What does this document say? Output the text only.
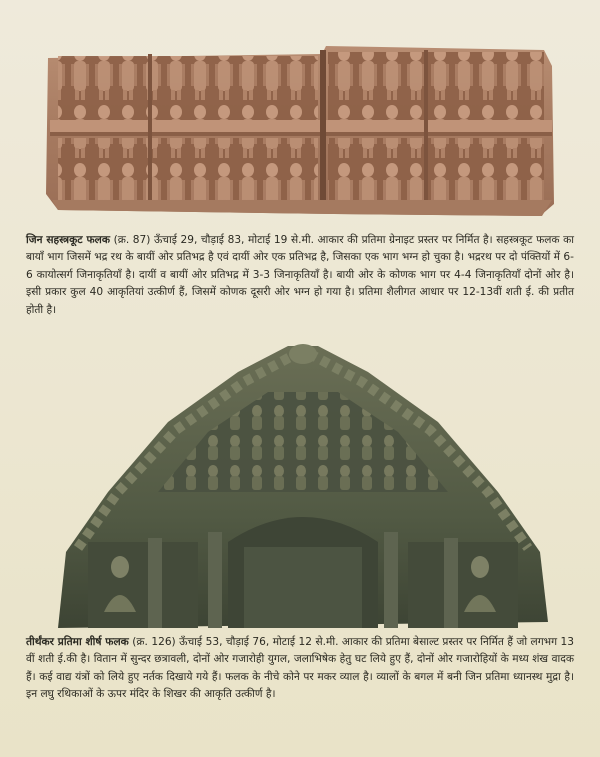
जिन सहस्त्रकूट फलक (क्र. 87) ऊँचाई 29, चौड़ाई 83, मोटाई 19 से.मी. आकार की प्रतिमा ग्रेनाइट प्रस्तर पर निर्मित है। सहस्त्रकूट फलक का बायाँ भाग जिसमें भद्र रथ के बायीं ओर प्रतिभद्र है एवं दायीं ओर एक प्रतिभद्र है, जिसका एक भाग भग्न हो चुका है। भद्ररथ पर दो पंक्तियों में 6-6 कायोत्सर्ग जिनाकृतियाँ है। दायीं व बायीं ओर प्रतिभद्र में 3-3 जिनाकृतियाँ है। बायी ओर के कोणक भाग पर 4-4 जिनाकृतियाँ दोनों ओर है। इसी प्रकार कुल 40 आकृतियां उत्कीर्ण हैं, जिसमें कोणक दूसरी ओर भग्न हो गया है। प्रतिमा शैलीगत आधार पर 12-13वीं शती ई. की प्रतीत होती है।

तीर्थंकर प्रतिमा शीर्ष फलक (क्र. 126) ऊँचाई 53, चौड़ाई 76, मोटाई 12 से.मी. आकार की प्रतिमा बेसाल्ट प्रस्तर पर निर्मित हैं जो लगभग 13 वीं शती ई.की है। वितान में सुन्दर छत्रावली, दोनों ओर गजारोही युगल, जलाभिषेक हेतु घट लिये हुए हैं, दोनों ओर गजारोहियों के मध्य शंख वादक हैं। कई वाद्य यंत्रों को लिये हुए नर्तक दिखाये गये हैं। फलक के नीचे कोने पर मकर व्याल है। व्यालों के बगल में बनी जिन प्रतिमा ध्यानस्थ मुद्रा है। इन लघु रथिकाओं के ऊपर मंदिर के शिखर की आकृति उत्कीर्ण है।
